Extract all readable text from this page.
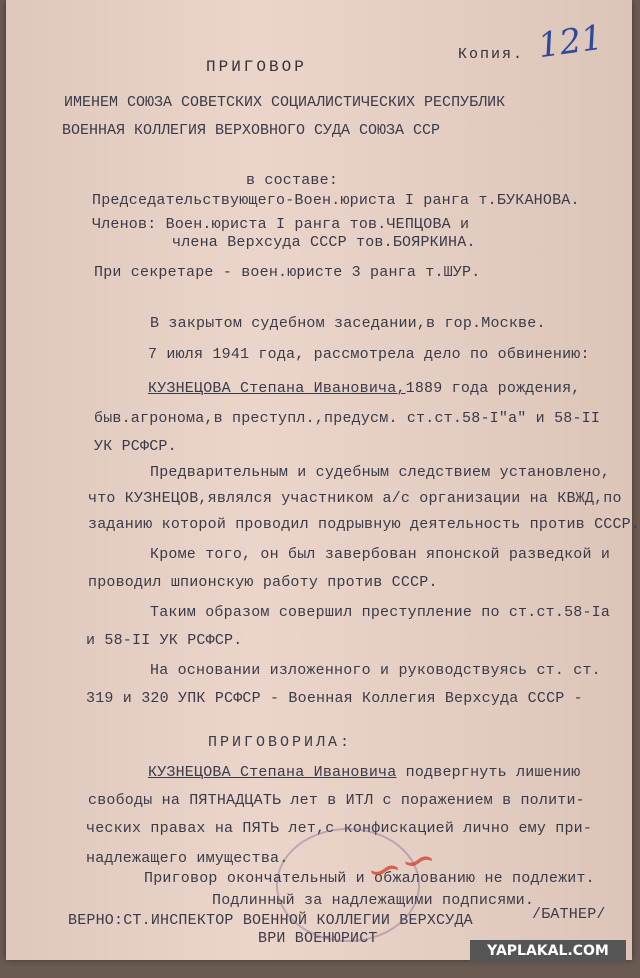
121
Копия.
ПРИГОВОР
ИМЕНЕМ СОЮЗА СОВЕТСКИХ СОЦИАЛИСТИЧЕСКИХ РЕСПУБЛИК
ВОЕННАЯ КОЛЛЕГИЯ ВЕРХОВНОГО СУДА СОЮЗА ССР
в составе:
Председательствующего-Воен.юриста I ранга т.БУКАНОВА.
Членов: Воен.юриста I ранга тов.ЧЕПЦОВА и
члена Верхсуда СССР тов.БОЯРКИНА.
При секретаре - воен.юристе 3 ранга т.ШУР.
В закрытом судебном заседании,в гор.Москве.
7 июля 1941 года, рассмотрела дело по обвинению:
КУЗНЕЦОВА Степана Ивановича,1889 года рождения,
быв.агронома,в преступл.,предусм. ст.ст.58-I"а" и 58-II
УК РСФСР.
Предварительным и судебным следствием установлено,
что КУЗНЕЦОВ,являлся участником а/с организации на КВЖД,по
заданию которой проводил подрывную деятельность против СССР.
Кроме того, он был завербован японской разведкой и
проводил шпионскую работу против СССР.
Таким образом совершил преступление по ст.ст.58-Iа
и 58-II УК РСФСР.
На основании изложенного и руководствуясь ст. ст.
319 и 320 УПК РСФСР - Военная Коллегия Верхсуда СССР -
ПРИГОВОРИЛА:
КУЗНЕЦОВА Степана Ивановича подвергнуть лишению
свободы на ПЯТНАДЦАТЬ лет в ИТЛ с поражением в полити-
ческих правах на ПЯТЬ лет,с конфискацией лично ему при-
надлежащего имущества.
Приговор окончательный и обжалованию не подлежит.
Подлинный за надлежащими подписями.
ВЕРНО:СТ.ИНСПЕКТОР ВОЕННОЙ КОЛЛЕГИИ ВЕРХСУДА	/БАТНЕР/
ВРИ ВОЕНЮРИСТ
∽∽
YAPLAKAL.COM
